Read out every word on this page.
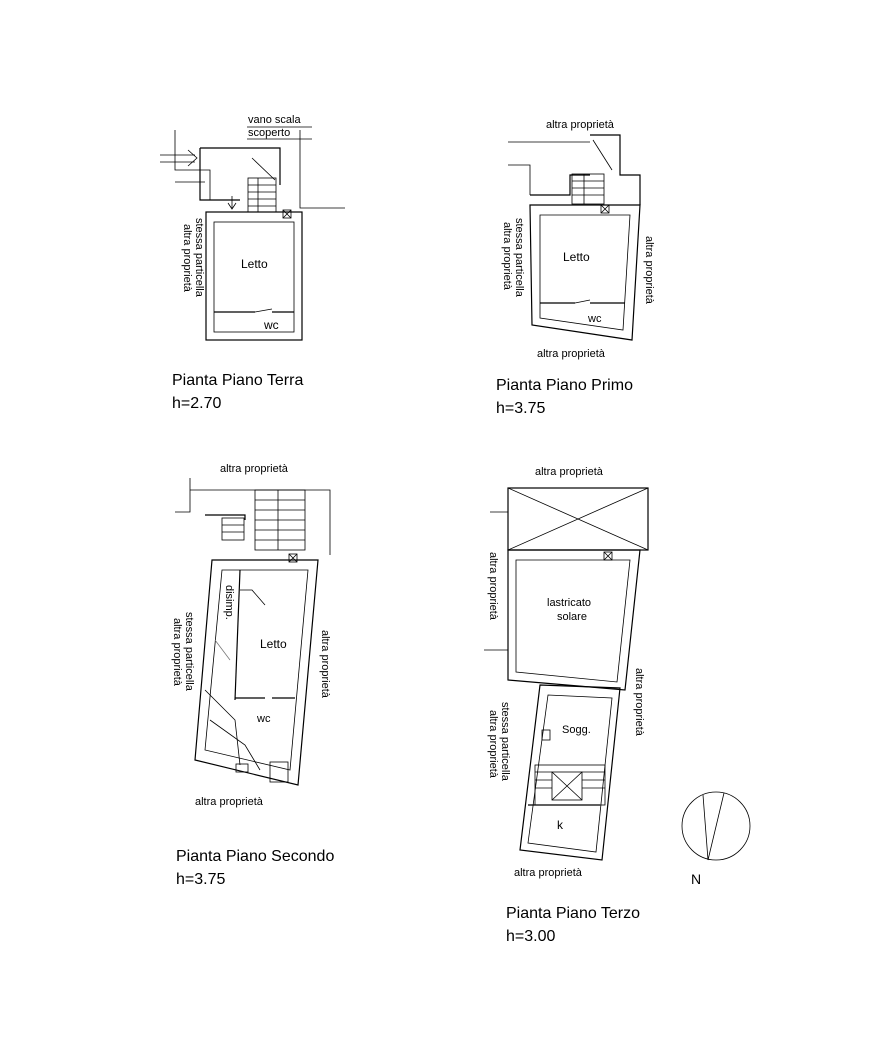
vano scala
scoperto
Letto
wc
stessa particella
altra proprietà
Pianta Piano Terra
h=2.70
altra proprietà
altra proprietà
Letto
wc
stessa particella
altra proprietà	altra proprietà
Pianta Piano Primo
h=3.75
altra proprietà
altra proprietà
Letto
wc
disimp.
stessa particella
altra proprietà	altra proprietà
Pianta Piano Secondo
h=3.75
altra proprietà
altra proprietà
lastricato
solare
Sogg.
k
altra proprietà
stessa particella
altra proprietà
altra proprietà
Pianta Piano Terzo
h=3.00
N
